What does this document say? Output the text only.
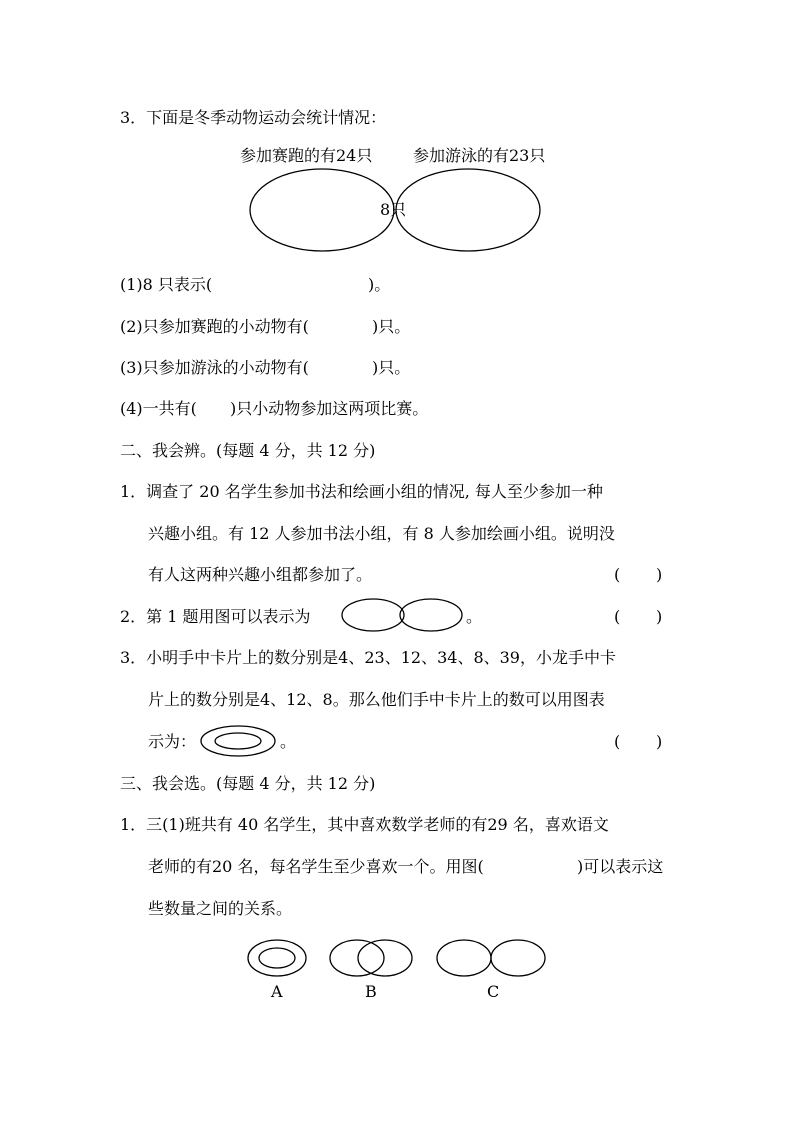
3．下面是冬季动物运动会统计情况：
参加赛跑的有24只	参加游泳的有23只
8只
(1)8 只表示(	)。
(2)只参加赛跑的小动物有(	)只。
(3)只参加游泳的小动物有(	)只。
(4)一共有( )只小动物参加这两项比赛。
二、我会辨。(每题 4 分，共 12 分)
1．调查了 20 名学生参加书法和绘画小组的情况, 每人至少参加一种
兴趣小组。有 12 人参加书法小组，有 8 人参加绘画小组。说明没
有人这两种兴趣小组都参加了。	( )
2．第 1 题用图可以表示为	。	( )
3．小明手中卡片上的数分别是4、23、12、34、8、39，小龙手中卡
片上的数分别是4、12、8。那么他们手中卡片上的数可以用图表
示为：	。	( )
三、我会选。(每题 4 分，共 12 分)
1．三(1)班共有 40 名学生，其中喜欢数学老师的有29 名，喜欢语文
老师的有20 名，每名学生至少喜欢一个。用图(	)可以表示这
些数量之间的关系。
A	B	C
